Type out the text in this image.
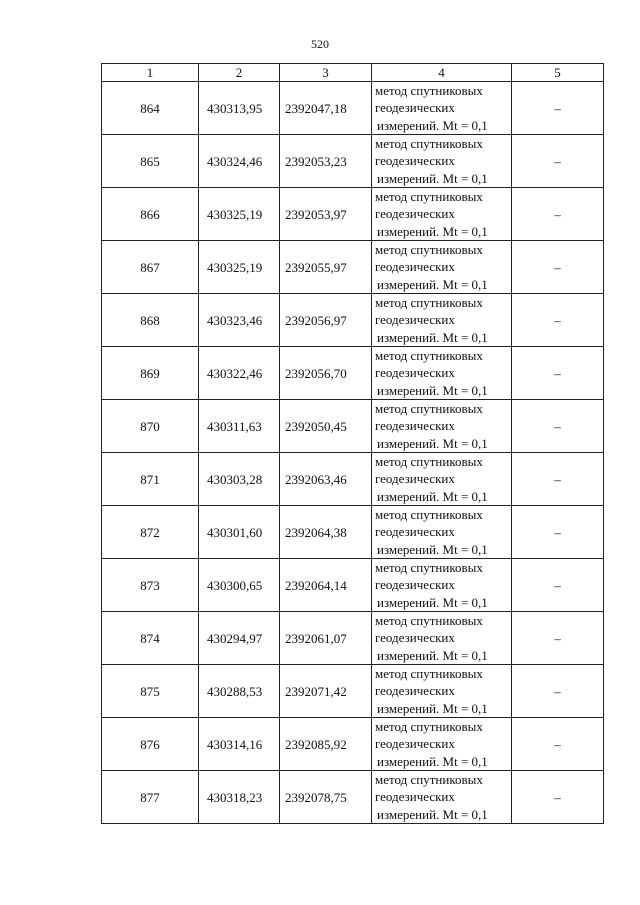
520
1	2	3	4	5
864	430313,95	2392047,18	метод спутниковых
геодезических
измерений. Mt = 0,1	–
865	430324,46	2392053,23	метод спутниковых
геодезических
измерений. Mt = 0,1	–
866	430325,19	2392053,97	метод спутниковых
геодезических
измерений. Mt = 0,1	–
867	430325,19	2392055,97	метод спутниковых
геодезических
измерений. Mt = 0,1	–
868	430323,46	2392056,97	метод спутниковых
геодезических
измерений. Mt = 0,1	–
869	430322,46	2392056,70	метод спутниковых
геодезических
измерений. Mt = 0,1	–
870	430311,63	2392050,45	метод спутниковых
геодезических
измерений. Mt = 0,1	–
871	430303,28	2392063,46	метод спутниковых
геодезических
измерений. Mt = 0,1	–
872	430301,60	2392064,38	метод спутниковых
геодезических
измерений. Mt = 0,1	–
873	430300,65	2392064,14	метод спутниковых
геодезических
измерений. Mt = 0,1	–
874	430294,97	2392061,07	метод спутниковых
геодезических
измерений. Mt = 0,1	–
875	430288,53	2392071,42	метод спутниковых
геодезических
измерений. Mt = 0,1	–
876	430314,16	2392085,92	метод спутниковых
геодезических
измерений. Mt = 0,1	–
877	430318,23	2392078,75	метод спутниковых
геодезических
измерений. Mt = 0,1	–
